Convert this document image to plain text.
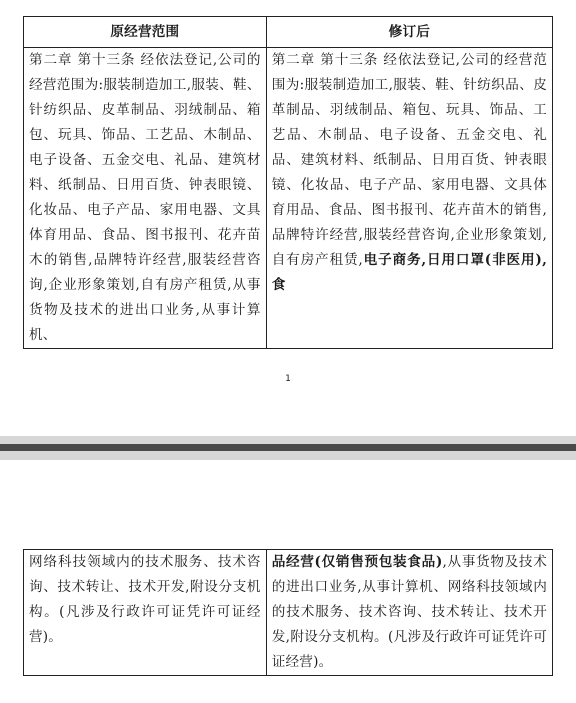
原经营范围	修订后
第二章 第十三条 经依法登记,公司的经营范围为:服装制造加工,服装、鞋、针纺织品、皮革制品、羽绒制品、箱包、玩具、饰品、工艺品、木制品、电子设备、五金交电、礼品、建筑材料、纸制品、日用百货、钟表眼镜、化妆品、电子产品、家用电器、文具体育用品、食品、图书报刊、花卉苗木的销售,品牌特许经营,服装经营咨询,企业形象策划,自有房产租赁,从事货物及技术的进出口业务,从事计算机、	第二章 第十三条 经依法登记,公司的经营范围为:服装制造加工,服装、鞋、针纺织品、皮革制品、羽绒制品、箱包、玩具、饰品、工艺品、木制品、电子设备、五金交电、礼品、建筑材料、纸制品、日用百货、钟表眼镜、化妆品、电子产品、家用电器、文具体育用品、食品、图书报刊、花卉苗木的销售,品牌特许经营,服装经营咨询,企业形象策划,自有房产租赁,电子商务,日用口罩(非医用),食
1
网络科技领域内的技术服务、技术咨询、技术转让、技术开发,附设分支机构。(凡涉及行政许可证凭许可证经营)。	品经营(仅销售预包装食品),从事货物及技术的进出口业务,从事计算机、网络科技领域内的技术服务、技术咨询、技术转让、技术开发,附设分支机构。(凡涉及行政许可证凭许可证经营)。
